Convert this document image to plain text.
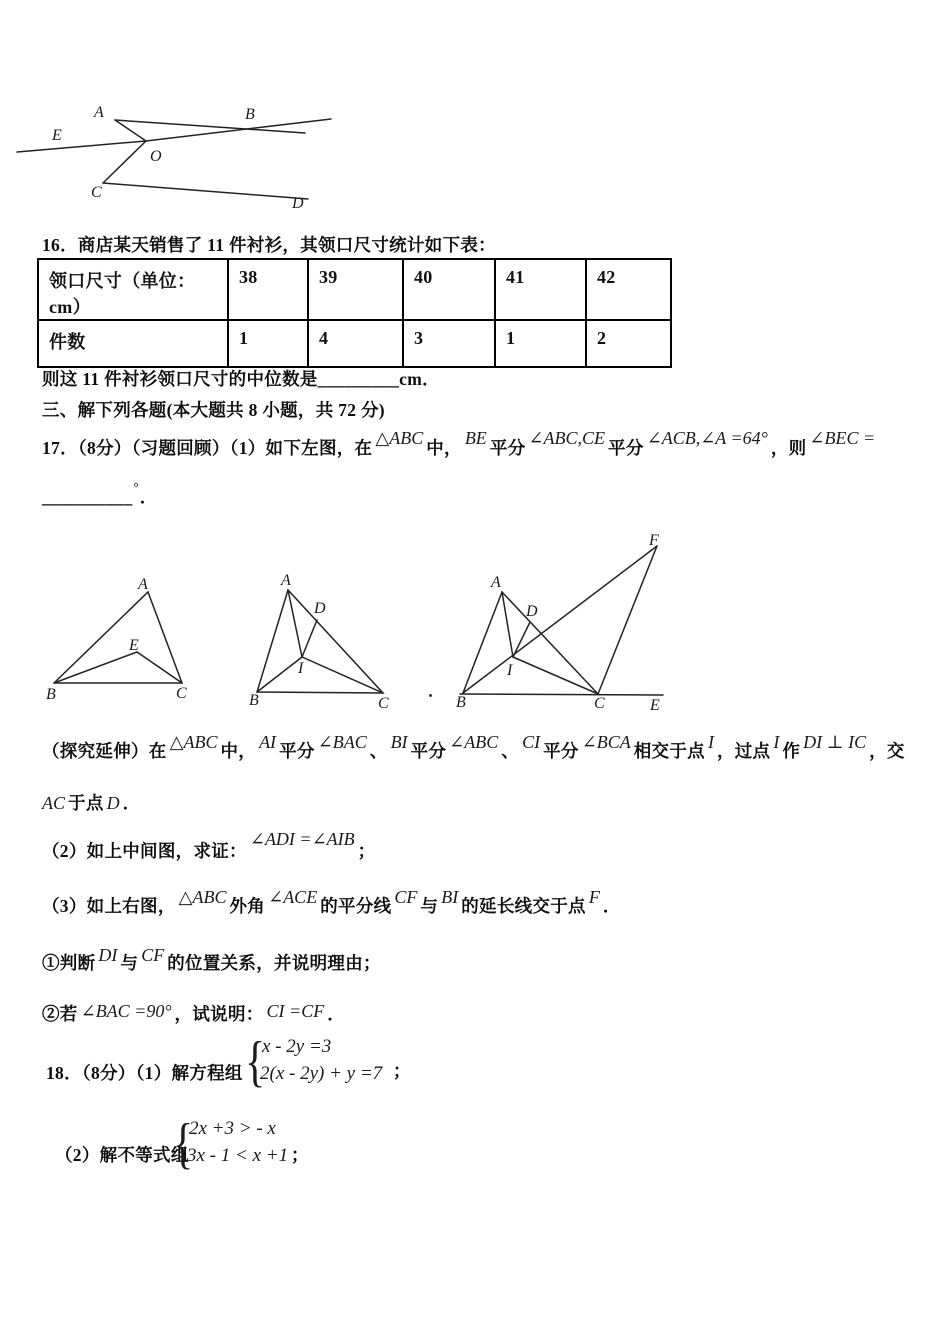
A	B
E
O
C
D
16．商店某天销售了 11 件衬衫，其领口尺寸统计如下表：
领口尺寸（单位：cm）	38	39	40	41	42
件数	1	4	3	1	2
则这 11 件衬衫领口尺寸的中位数是_________cm．
三、解下列各题(本大题共 8 小题，共 72 分)
17．（8分）（习题回顾）（1）如下左图，在 △ABC 中， BE 平分 ∠ABC,CE 平分 ∠ACB,∠A =64° ，则 ∠BEC =
__________°．
A
B	C
E
A
B	C
D
I
A
B	C
D
I
F
E
（探究延伸）在 △ABC 中， AI 平分 ∠BAC 、 BI 平分 ∠ABC 、 CI 平分 ∠BCA 相交于点 I ，过点 I 作 DI ⊥ IC ，交
AC 于点 D ．
（2）如上中间图，求证：∠ADI =∠AIB；
（3）如上右图， △ABC 外角 ∠ACE 的平分线 CF 与 BI 的延长线交于点 F ．
①判断 DI 与 CF 的位置关系，并说明理由；
②若 ∠BAC =90° ，试说明： CI =CF ．
18．（8分）（1）解方程组 {
x - 2y =3
2(x - 2y) + y =7 ；
（2）解不等式组
{
2x +3 > - x
3x - 1 < x +1 ；
